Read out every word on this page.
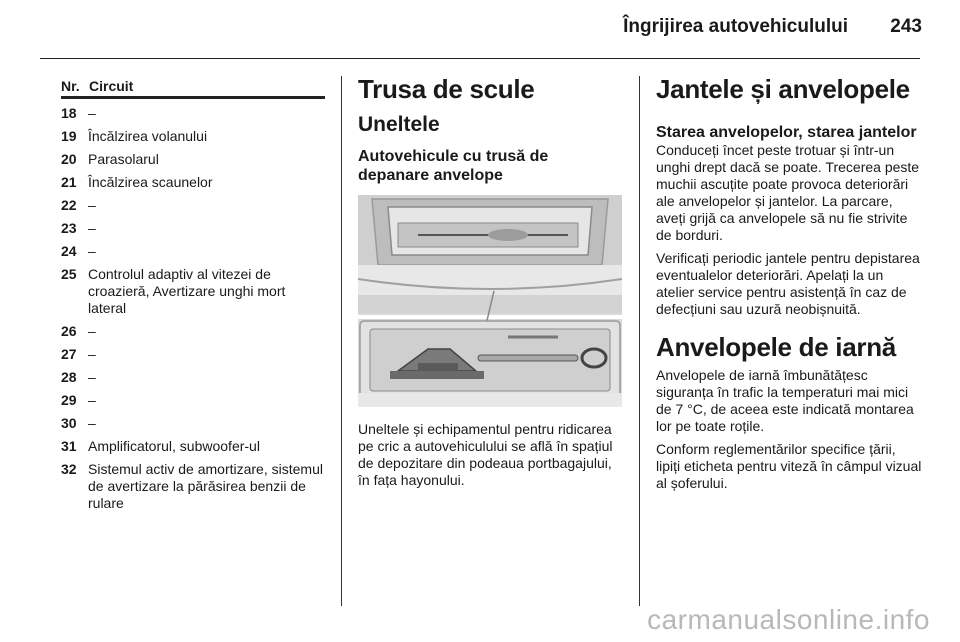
Îngrijirea autovehiculului 243
Nr. Circuit
18 –
19 Încălzirea volanului
20 Parasolarul
21 Încălzirea scaunelor
22 –
23 –
24 –
25 Controlul adaptiv al vitezei de croazieră, Avertizare unghi mort lateral
26 –
27 –
28 –
29 –
30 –
31 Amplificatorul, subwoofer-ul
32 Sistemul activ de amortizare, sistemul de avertizare la părăsirea benzii de rulare
Trusa de scule
Uneltele
Autovehicule cu trusă de depanare anvelope

Uneltele și echipamentul pentru ridicarea pe cric a autovehiculului se află în spațiul de depozitare din podeaua portbagajului, în fața hayonului.

Jantele și anvelopele
Starea anvelopelor, starea jantelor

Conduceți încet peste trotuar și într-un unghi drept dacă se poate. Trecerea peste muchii ascuțite poate provoca deteriorări ale anvelopelor și jantelor. La parcare, aveți grijă ca anvelopele să nu fie strivite de borduri.

Verificați periodic jantele pentru depistarea eventualelor deteriorări. Apelați la un atelier service pentru asistență în caz de defecțiuni sau uzură neobișnuită.

Anvelopele de iarnă

Anvelopele de iarnă îmbunătățesc siguranța în trafic la temperaturi mai mici de 7 °C, de aceea este indicată montarea lor pe toate roțile.

Conform reglementărilor specifice țării, lipiți eticheta pentru viteză în câmpul vizual al șoferului.

carmanualsonline.info
